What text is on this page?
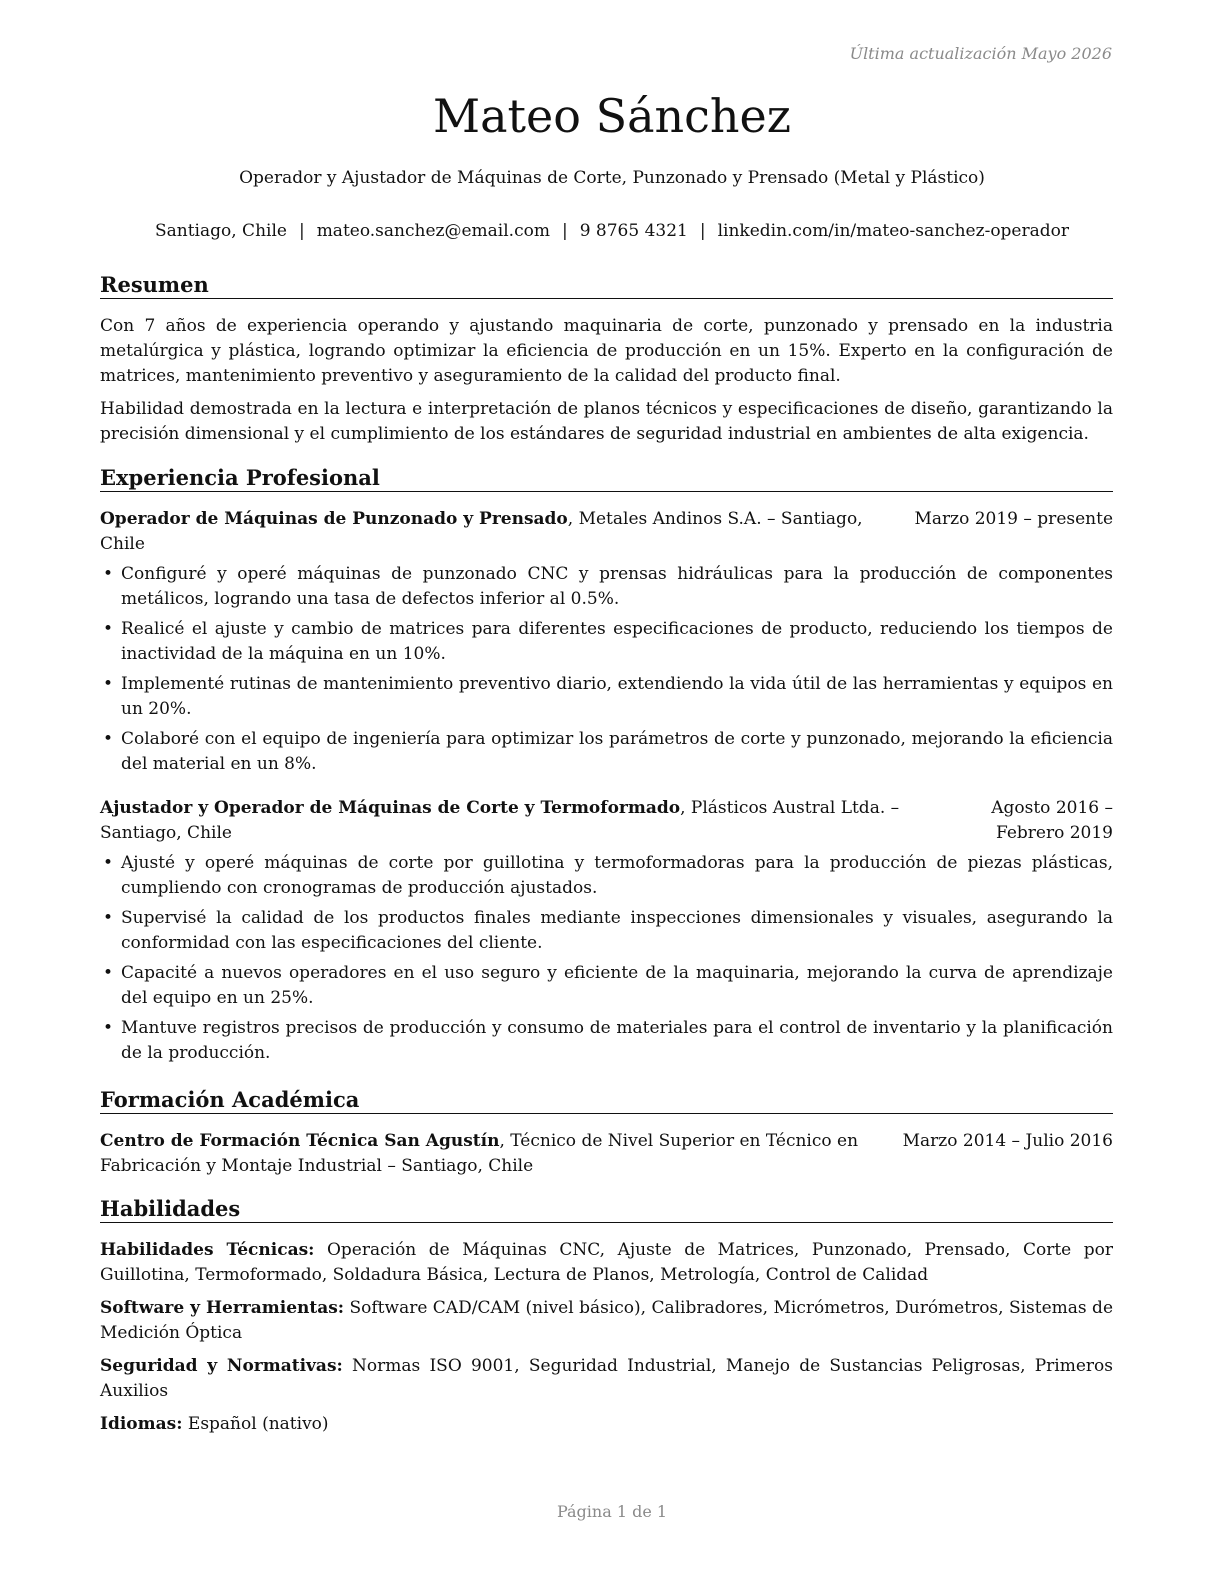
Última actualización Mayo 2026
Mateo Sánchez
Operador y Ajustador de Máquinas de Corte, Punzonado y Prensado (Metal y Plástico)
Santiago, Chile | mateo.sanchez@email.com | 9 8765 4321 | linkedin.com/in/mateo-sanchez-operador
Resumen

Con 7 años de experiencia operando y ajustando maquinaria de corte, punzonado y prensado en la industria metalúrgica y plástica, logrando optimizar la eficiencia de producción en un 15%. Experto en la configuración de matrices, mantenimiento preventivo y aseguramiento de la calidad del producto final.

Habilidad demostrada en la lectura e interpretación de planos técnicos y especificaciones de diseño, garantizando la precisión dimensional y el cumplimiento de los estándares de seguridad industrial en ambientes de alta exigencia.

Experiencia Profesional
Operador de Máquinas de Punzonado y Prensado, Metales Andinos S.A. – Santiago, Chile
Marzo 2019 – presente
• Configuré y operé máquinas de punzonado CNC y prensas hidráulicas para la producción de componentes metálicos, logrando una tasa de defectos inferior al 0.5%.
• Realicé el ajuste y cambio de matrices para diferentes especificaciones de producto, reduciendo los tiempos de inactividad de la máquina en un 10%.
• Implementé rutinas de mantenimiento preventivo diario, extendiendo la vida útil de las herramientas y equipos en un 20%.
• Colaboré con el equipo de ingeniería para optimizar los parámetros de corte y punzonado, mejorando la eficiencia del material en un 8%.
Ajustador y Operador de Máquinas de Corte y Termoformado, Plásticos Austral Ltda. – Santiago, Chile
Agosto 2016 – Febrero 2019
• Ajusté y operé máquinas de corte por guillotina y termoformadoras para la producción de piezas plásticas, cumpliendo con cronogramas de producción ajustados.
• Supervisé la calidad de los productos finales mediante inspecciones dimensionales y visuales, asegurando la conformidad con las especificaciones del cliente.
• Capacité a nuevos operadores en el uso seguro y eficiente de la maquinaria, mejorando la curva de aprendizaje del equipo en un 25%.
• Mantuve registros precisos de producción y consumo de materiales para el control de inventario y la planificación de la producción.
Formación Académica
Centro de Formación Técnica San Agustín, Técnico de Nivel Superior en Técnico en Fabricación y Montaje Industrial – Santiago, Chile
Marzo 2014 – Julio 2016
Habilidades

Habilidades Técnicas: Operación de Máquinas CNC, Ajuste de Matrices, Punzonado, Prensado, Corte por Guillotina, Termoformado, Soldadura Básica, Lectura de Planos, Metrología, Control de Calidad

Software y Herramientas: Software CAD/CAM (nivel básico), Calibradores, Micrómetros, Durómetros, Sistemas de Medición Óptica

Seguridad y Normativas: Normas ISO 9001, Seguridad Industrial, Manejo de Sustancias Peligrosas, Primeros Auxilios

Idiomas: Español (nativo)

Página 1 de 1
